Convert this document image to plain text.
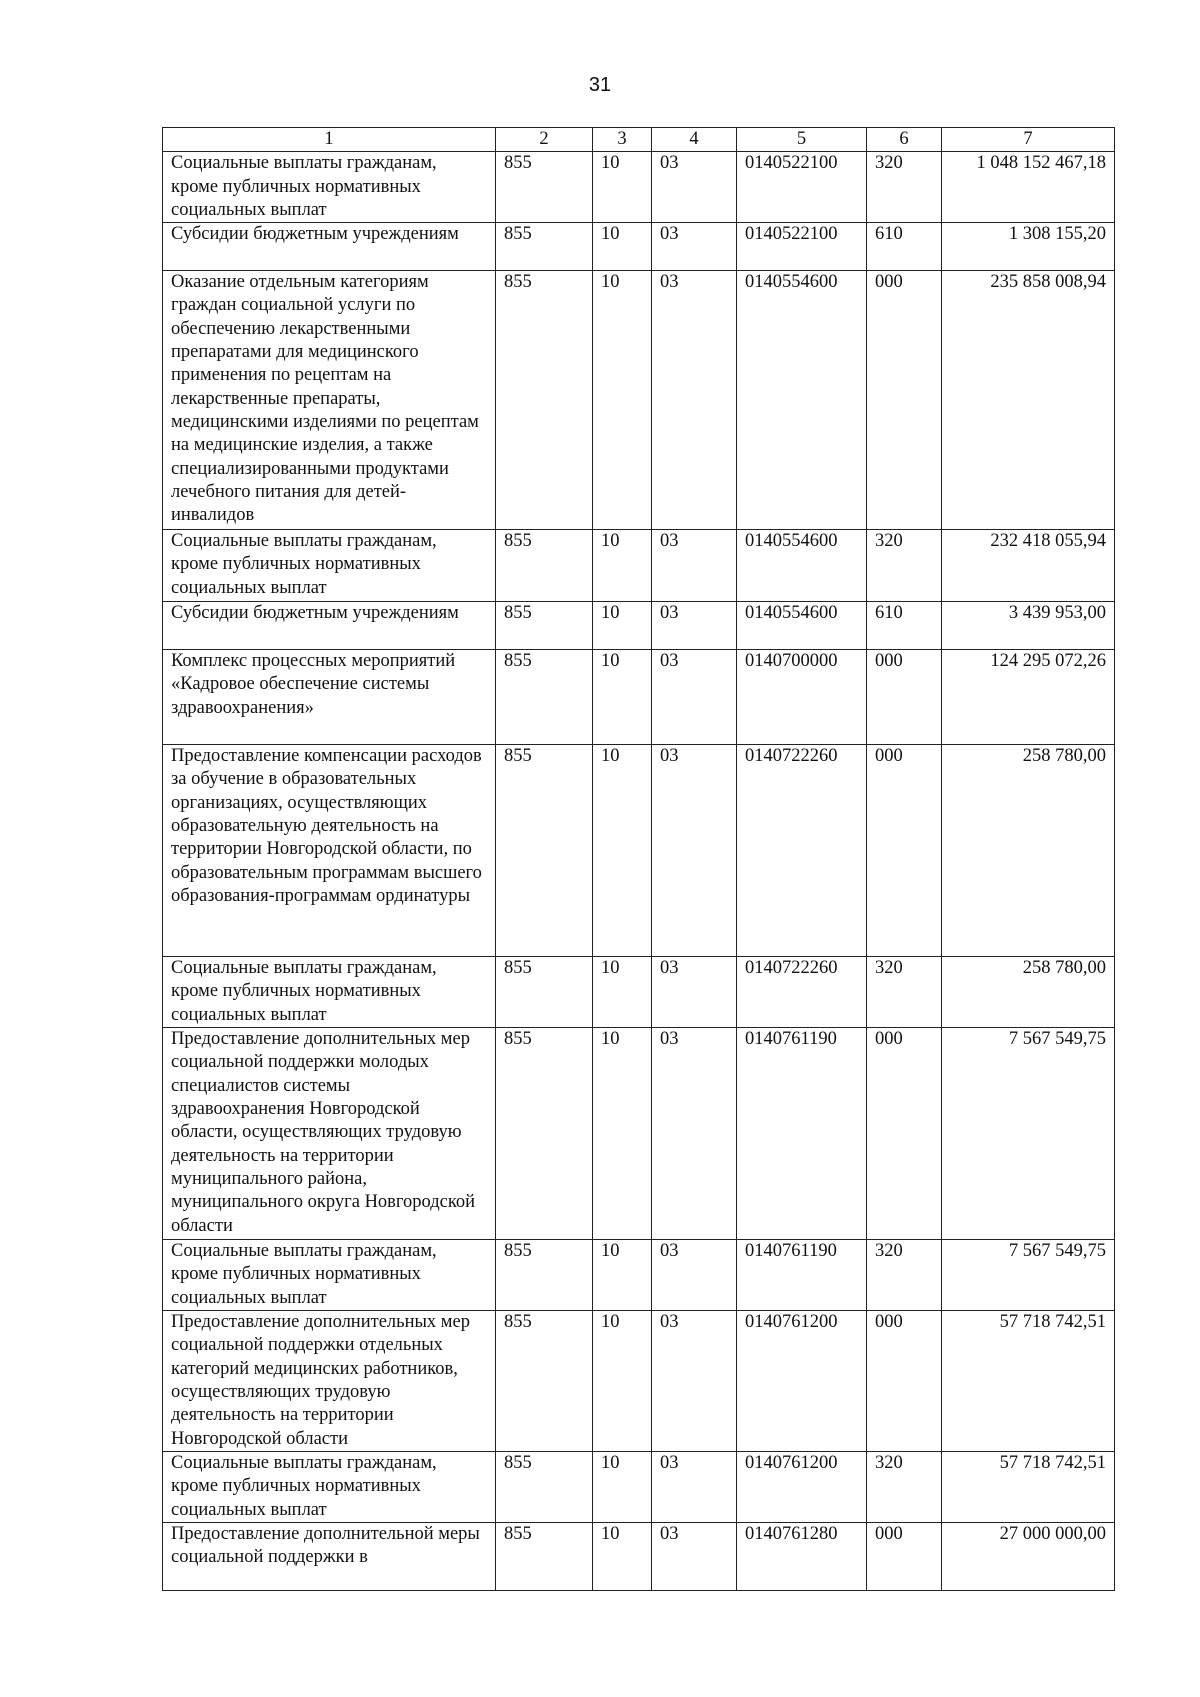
31
1	2	3	4	5	6	7
Социальные выплаты гражданам, кроме публичных нормативных социальных выплат	855	10	03	0140522100	320	1 048 152 467,18
Субсидии бюджетным учреждениям	855	10	03	0140522100	610	1 308 155,20
Оказание отдельным категориям граждан социальной услуги по обеспечению лекарственными препаратами для медицинского применения по рецептам на лекарственные препараты, медицинскими изделиями по рецептам на медицинские изделия, а также специализированными продуктами лечебного питания для детей-инвалидов	855	10	03	0140554600	000	235 858 008,94
Социальные выплаты гражданам, кроме публичных нормативных социальных выплат	855	10	03	0140554600	320	232 418 055,94
Субсидии бюджетным учреждениям	855	10	03	0140554600	610	3 439 953,00
Комплекс процессных мероприятий «Кадровое обеспечение системы здравоохранения»	855	10	03	0140700000	000	124 295 072,26
Предоставление компенсации расходов за обучение в образовательных организациях, осуществляющих образовательную деятельность на территории Новгородской области, по образовательным программам высшего образования-программам ординатуры	855	10	03	0140722260	000	258 780,00
Социальные выплаты гражданам, кроме публичных нормативных социальных выплат	855	10	03	0140722260	320	258 780,00
Предоставление дополнительных мер социальной поддержки молодых специалистов системы здравоохранения Новгородской области, осуществляющих трудовую деятельность на территории муниципального района, муниципального округа Новгородской области	855	10	03	0140761190	000	7 567 549,75
Социальные выплаты гражданам, кроме публичных нормативных социальных выплат	855	10	03	0140761190	320	7 567 549,75
Предоставление дополнительных мер социальной поддержки отдельных категорий медицинских работников, осуществляющих трудовую деятельность на территории Новгородской области	855	10	03	0140761200	000	57 718 742,51
Социальные выплаты гражданам, кроме публичных нормативных социальных выплат	855	10	03	0140761200	320	57 718 742,51
Предоставление дополнительной меры социальной поддержки в	855	10	03	0140761280	000	27 000 000,00
